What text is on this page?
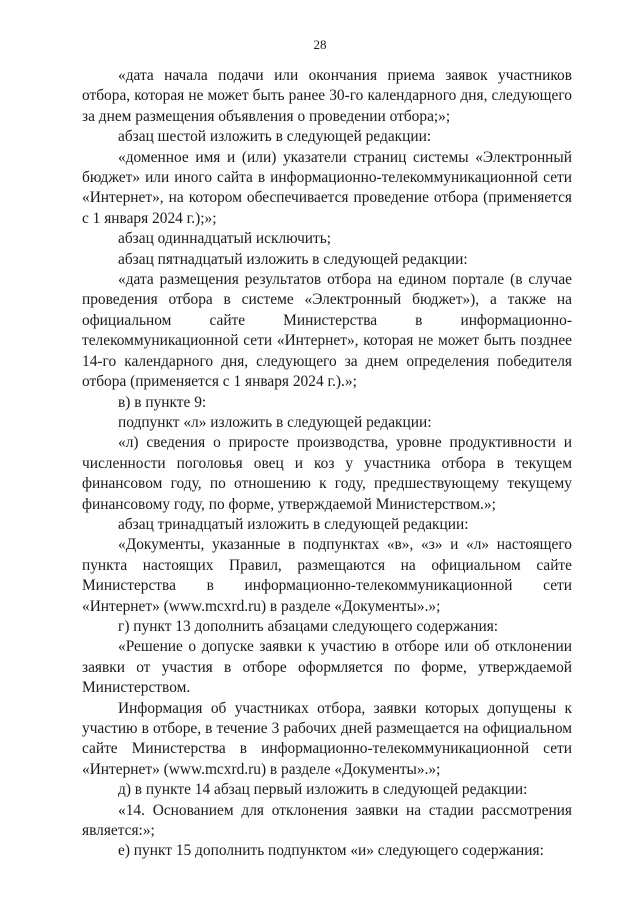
28

«дата начала подачи или окончания приема заявок участников отбора, которая не может быть ранее 30-го календарного дня, следующего за днем размещения объявления о проведении отбора;»;

абзац шестой изложить в следующей редакции:

«доменное имя и (или) указатели страниц системы «Электронный бюджет» или иного сайта в информационно-телекоммуникационной сети «Интернет», на котором обеспечивается проведение отбора (применяется с 1 января 2024 г.);»;

абзац одиннадцатый исключить;

абзац пятнадцатый изложить в следующей редакции:

«дата размещения результатов отбора на едином портале (в случае проведения отбора в системе «Электронный бюджет»), а также на официальном сайте Министерства в информационно-телекоммуникационной сети «Интернет», которая не может быть позднее 14-го календарного дня, следующего за днем определения победителя отбора (применяется с 1 января 2024 г.).»;

в) в пункте 9:

подпункт «л» изложить в следующей редакции:

«л) сведения о приросте производства, уровне продуктивности и численности поголовья овец и коз у участника отбора в текущем финансовом году, по отношению к году, предшествующему текущему финансовому году, по форме, утверждаемой Министерством.»;

абзац тринадцатый изложить в следующей редакции:

«Документы, указанные в подпунктах «в», «з» и «л» настоящего пункта настоящих Правил, размещаются на официальном сайте Министерства в информационно-телекоммуникационной сети «Интернет» (www.mcxrd.ru) в разделе «Документы».»;

г) пункт 13 дополнить абзацами следующего содержания:

«Решение о допуске заявки к участию в отборе или об отклонении заявки от участия в отборе оформляется по форме, утверждаемой Министерством.

Информация об участниках отбора, заявки которых допущены к участию в отборе, в течение 3 рабочих дней размещается на официальном сайте Министерства в информационно-телекоммуникационной сети «Интернет» (www.mcxrd.ru) в разделе «Документы».»;

д) в пункте 14 абзац первый изложить в следующей редакции:

«14. Основанием для отклонения заявки на стадии рассмотрения является:»;

е) пункт 15 дополнить подпунктом «и» следующего содержания:
